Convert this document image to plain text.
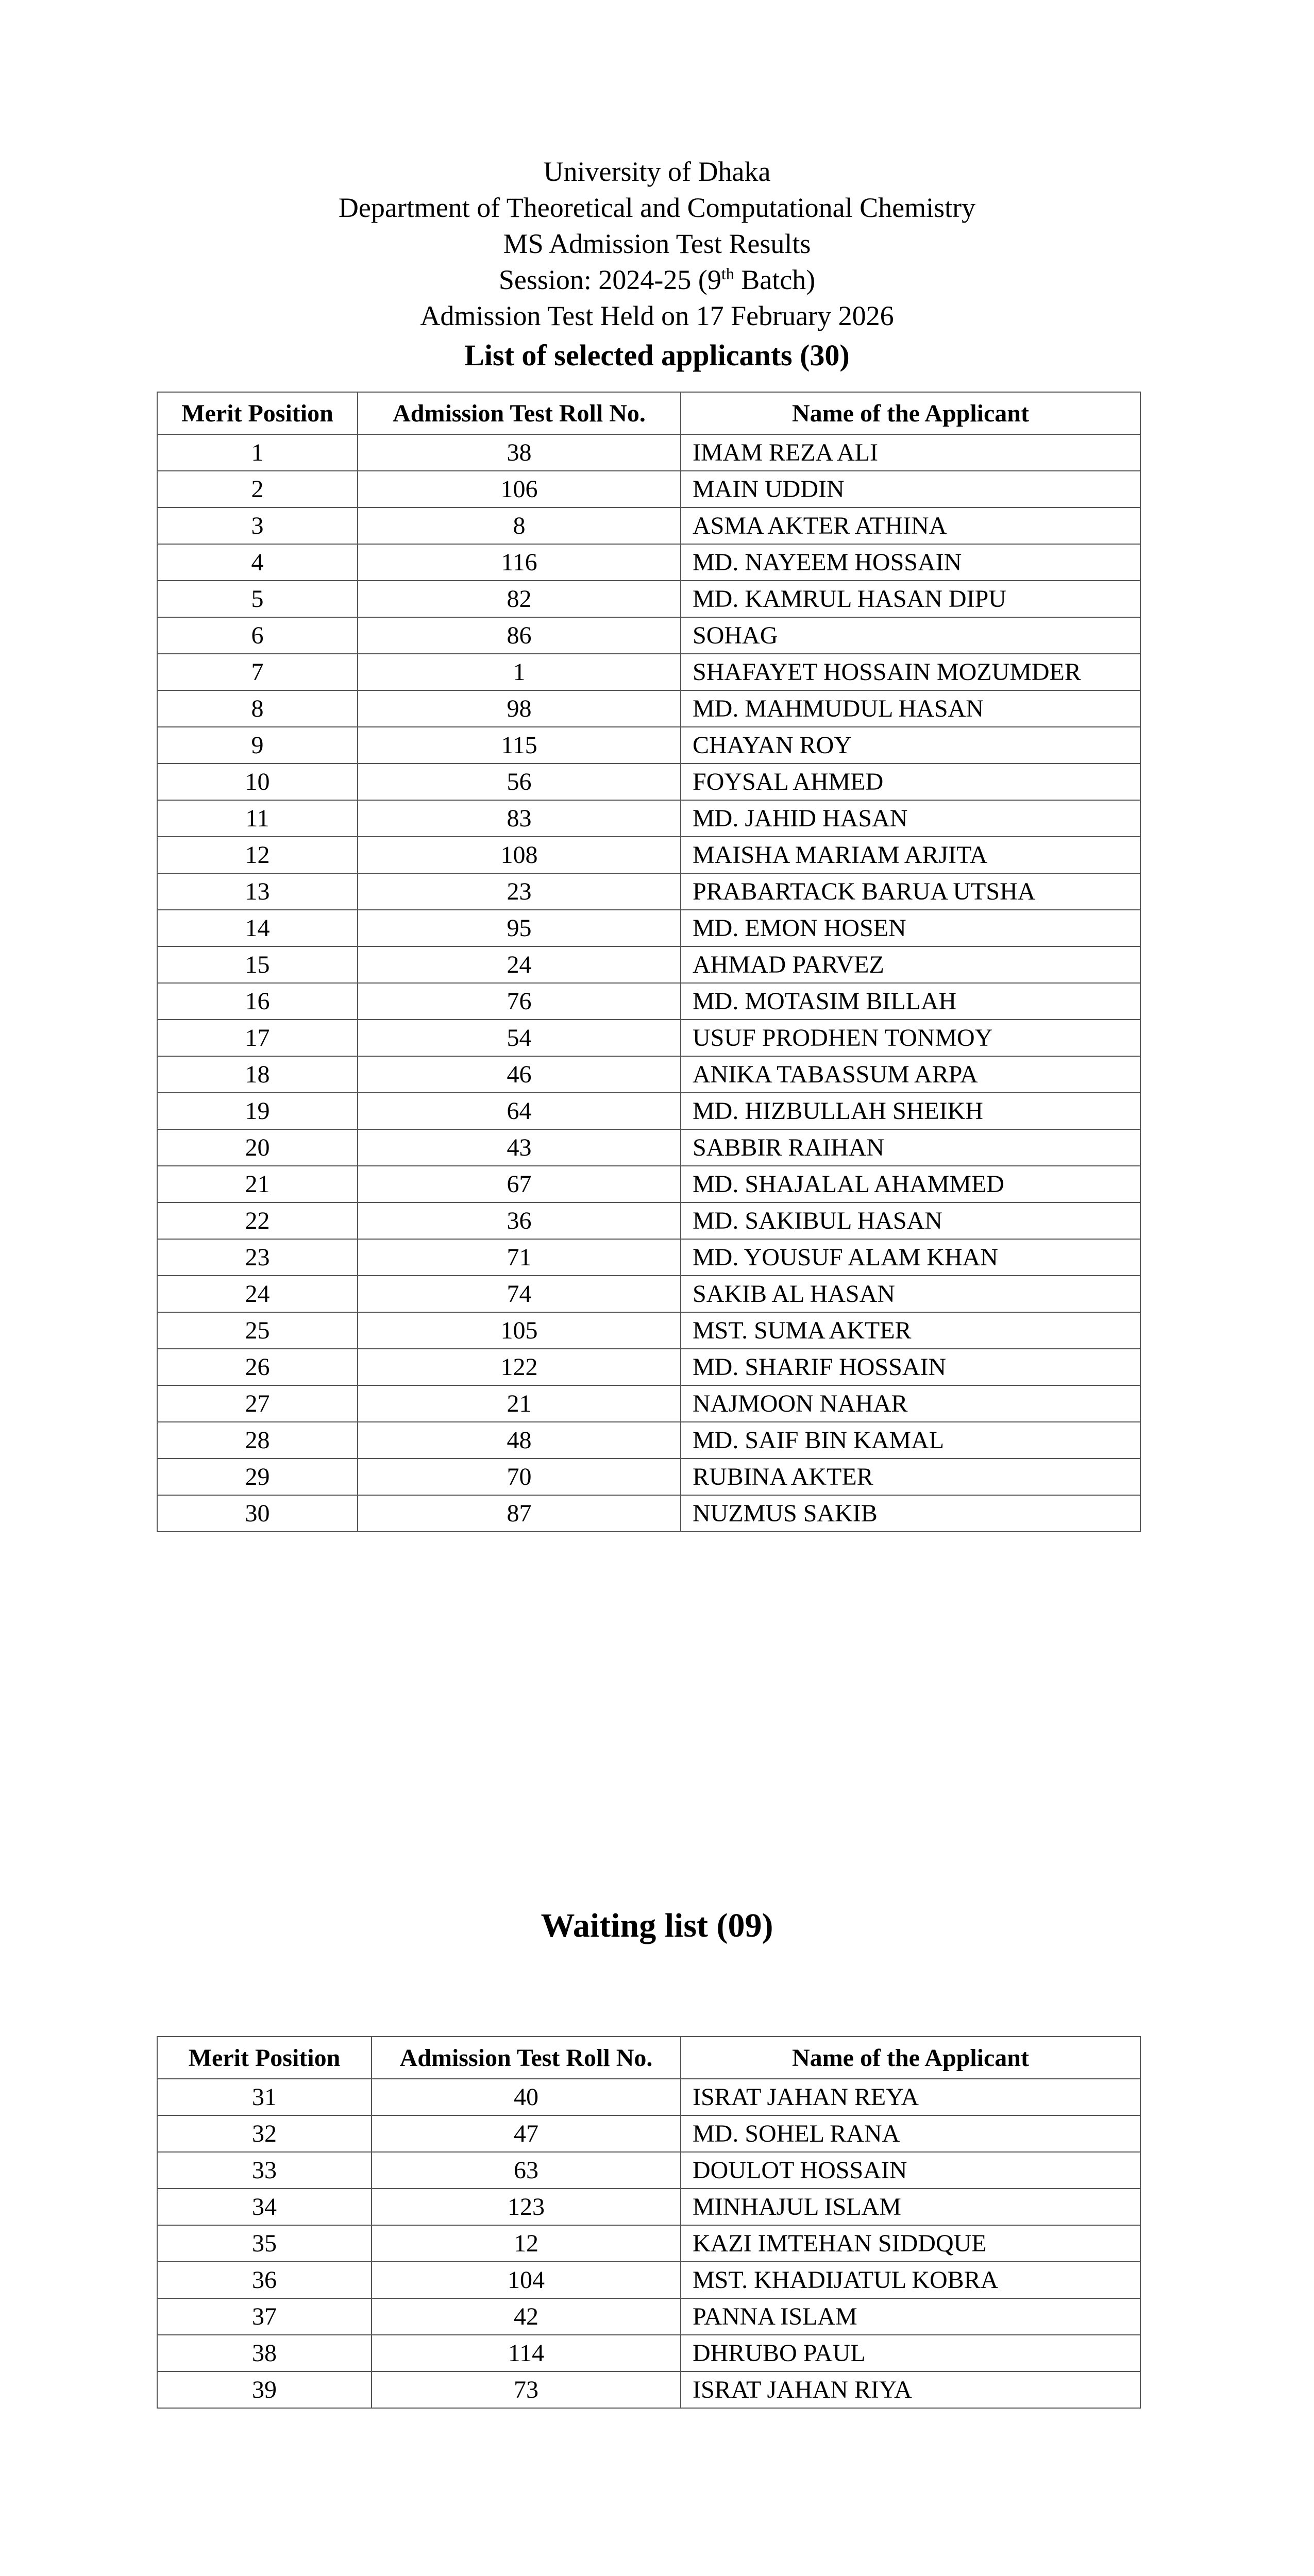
University of Dhaka
Department of Theoretical and Computational Chemistry
MS Admission Test Results
Session: 2024-25 (9th Batch)
Admission Test Held on 17 February 2026
List of selected applicants (30)
Merit Position	Admission Test Roll No.	Name of the Applicant
1	38	IMAM REZA ALI
2	106	MAIN UDDIN
3	8	ASMA AKTER ATHINA
4	116	MD. NAYEEM HOSSAIN
5	82	MD. KAMRUL HASAN DIPU
6	86	SOHAG
7	1	SHAFAYET HOSSAIN MOZUMDER
8	98	MD. MAHMUDUL HASAN
9	115	CHAYAN ROY
10	56	FOYSAL AHMED
11	83	MD. JAHID HASAN
12	108	MAISHA MARIAM ARJITA
13	23	PRABARTACK BARUA UTSHA
14	95	MD. EMON HOSEN
15	24	AHMAD PARVEZ
16	76	MD. MOTASIM BILLAH
17	54	USUF PRODHEN TONMOY
18	46	ANIKA TABASSUM ARPA
19	64	MD. HIZBULLAH SHEIKH
20	43	SABBIR RAIHAN
21	67	MD. SHAJALAL AHAMMED
22	36	MD. SAKIBUL HASAN
23	71	MD. YOUSUF ALAM KHAN
24	74	SAKIB AL HASAN
25	105	MST. SUMA AKTER
26	122	MD. SHARIF HOSSAIN
27	21	NAJMOON NAHAR
28	48	MD. SAIF BIN KAMAL
29	70	RUBINA AKTER
30	87	NUZMUS SAKIB
Waiting list (09)
Merit Position	Admission Test Roll No.	Name of the Applicant
31	40	ISRAT JAHAN REYA
32	47	MD. SOHEL RANA
33	63	DOULOT HOSSAIN
34	123	MINHAJUL ISLAM
35	12	KAZI IMTEHAN SIDDQUE
36	104	MST. KHADIJATUL KOBRA
37	42	PANNA ISLAM
38	114	DHRUBO PAUL
39	73	ISRAT JAHAN RIYA
